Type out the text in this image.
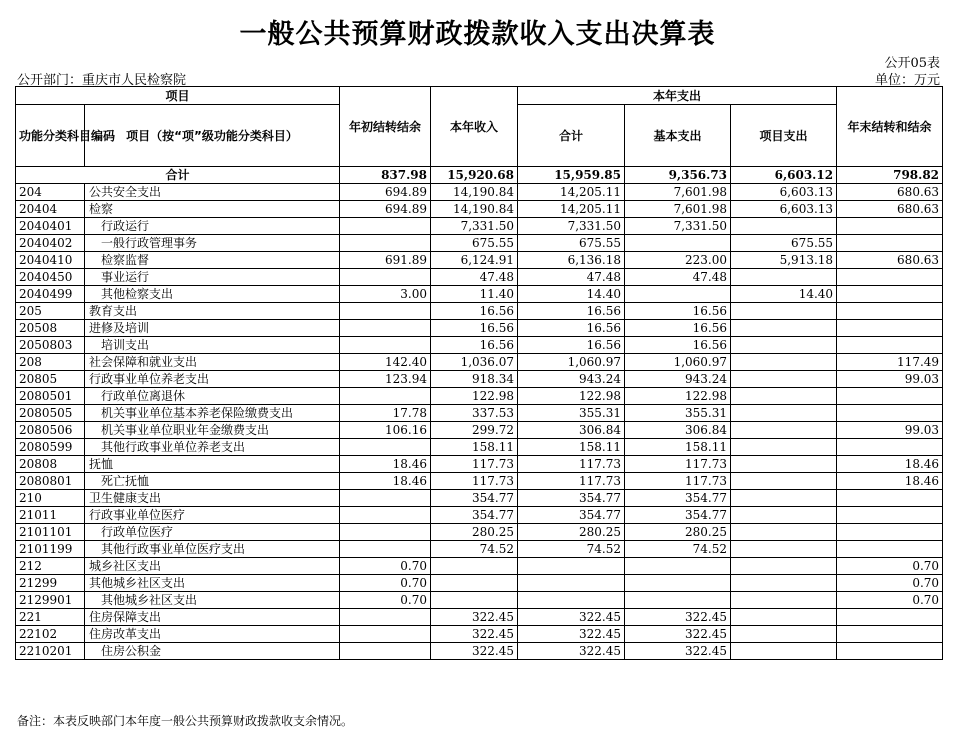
一般公共预算财政拨款收入支出决算表
公开05表
公开部门：重庆市人民检察院	单位：万元
项目		年初结转结余	本年收入	本年支出			年末结转和结余
功能分类科目编码	项目（按“项”级功能分类科目）			合计	基本支出	项目支出	
合计		837.98	15,920.68	15,959.85	9,356.73	6,603.12	798.82
204	公共安全支出	694.89	14,190.84	14,205.11	7,601.98	6,603.13	680.63
20404	检察	694.89	14,190.84	14,205.11	7,601.98	6,603.13	680.63
2040401	行政运行		7,331.50	7,331.50	7,331.50		
2040402	一般行政管理事务		675.55	675.55		675.55	
2040410	检察监督	691.89	6,124.91	6,136.18	223.00	5,913.18	680.63
2040450	事业运行		47.48	47.48	47.48		
2040499	其他检察支出	3.00	11.40	14.40		14.40	
205	教育支出		16.56	16.56	16.56		
20508	进修及培训		16.56	16.56	16.56		
2050803	培训支出		16.56	16.56	16.56		
208	社会保障和就业支出	142.40	1,036.07	1,060.97	1,060.97		117.49
20805	行政事业单位养老支出	123.94	918.34	943.24	943.24		99.03
2080501	行政单位离退休		122.98	122.98	122.98		
2080505	机关事业单位基本养老保险缴费支出	17.78	337.53	355.31	355.31		
2080506	机关事业单位职业年金缴费支出	106.16	299.72	306.84	306.84		99.03
2080599	其他行政事业单位养老支出		158.11	158.11	158.11		
20808	抚恤	18.46	117.73	117.73	117.73		18.46
2080801	死亡抚恤	18.46	117.73	117.73	117.73		18.46
210	卫生健康支出		354.77	354.77	354.77		
21011	行政事业单位医疗		354.77	354.77	354.77		
2101101	行政单位医疗		280.25	280.25	280.25		
2101199	其他行政事业单位医疗支出		74.52	74.52	74.52		
212	城乡社区支出	0.70					0.70
21299	其他城乡社区支出	0.70					0.70
2129901	其他城乡社区支出	0.70					0.70
221	住房保障支出		322.45	322.45	322.45		
22102	住房改革支出		322.45	322.45	322.45		
2210201	住房公积金		322.45	322.45	322.45		
备注：本表反映部门本年度一般公共预算财政拨款收支余情况。
